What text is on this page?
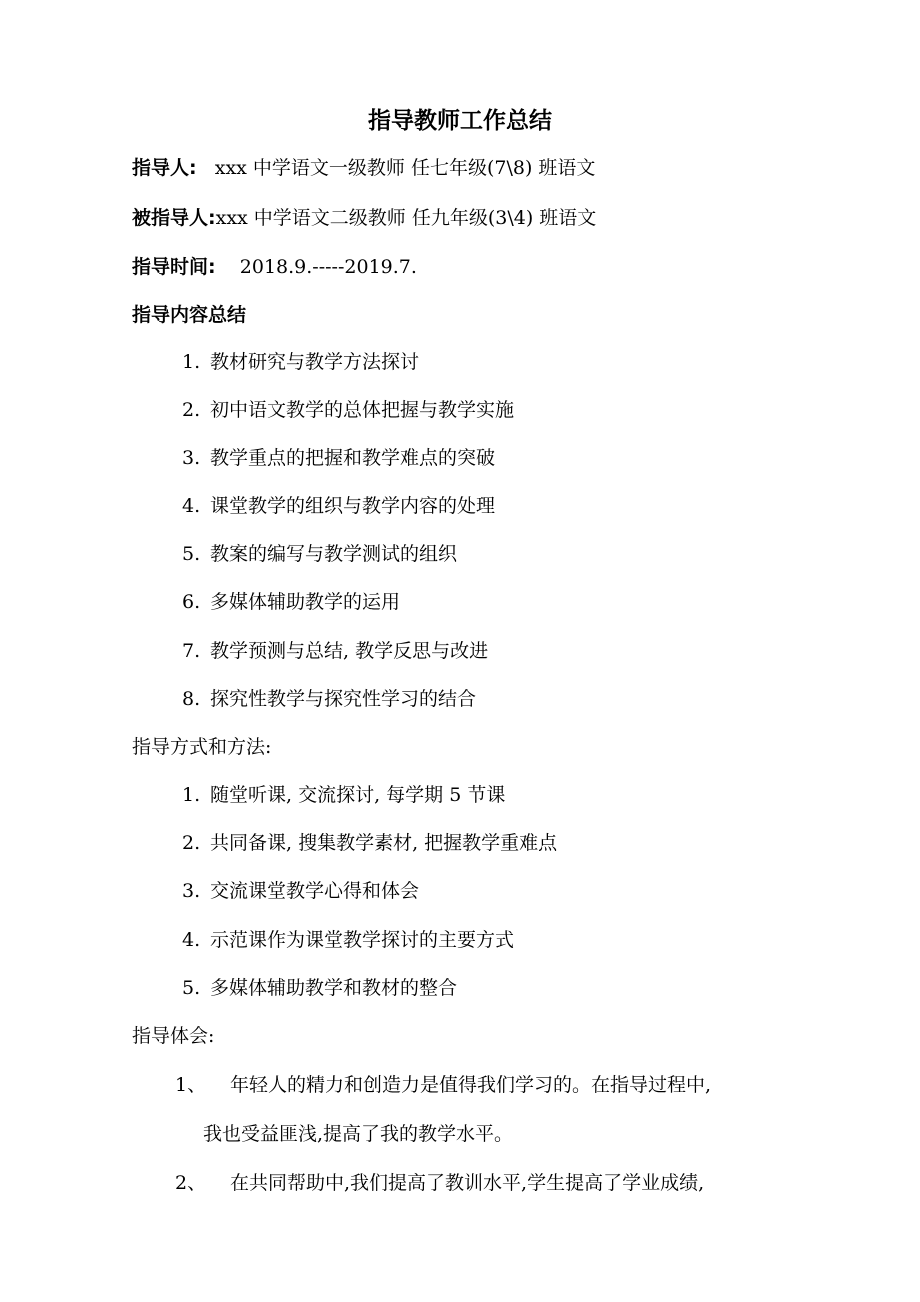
指导教师工作总结
指导人: xxx 中学语文一级教师 任七年级(7\8) 班语文
被指导人:xxx 中学语文二级教师 任九年级(3\4) 班语文
指导时间: 2018.9.-----2019.7.
指导内容总结
1. 教材研究与教学方法探讨
2. 初中语文教学的总体把握与教学实施
3. 教学重点的把握和教学难点的突破
4. 课堂教学的组织与教学内容的处理
5. 教案的编写与教学测试的组织
6. 多媒体辅助教学的运用
7. 教学预测与总结, 教学反思与改进
8. 探究性教学与探究性学习的结合
指导方式和方法:
1. 随堂听课, 交流探讨, 每学期 5 节课
2. 共同备课, 搜集教学素材, 把握教学重难点
3. 交流课堂教学心得和体会
4. 示范课作为课堂教学探讨的主要方式
5. 多媒体辅助教学和教材的整合
指导体会:
1、 年轻人的精力和创造力是值得我们学习的。在指导过程中,
我也受益匪浅,提高了我的教学水平。
2、 在共同帮助中,我们提高了教训水平,学生提高了学业成绩,
